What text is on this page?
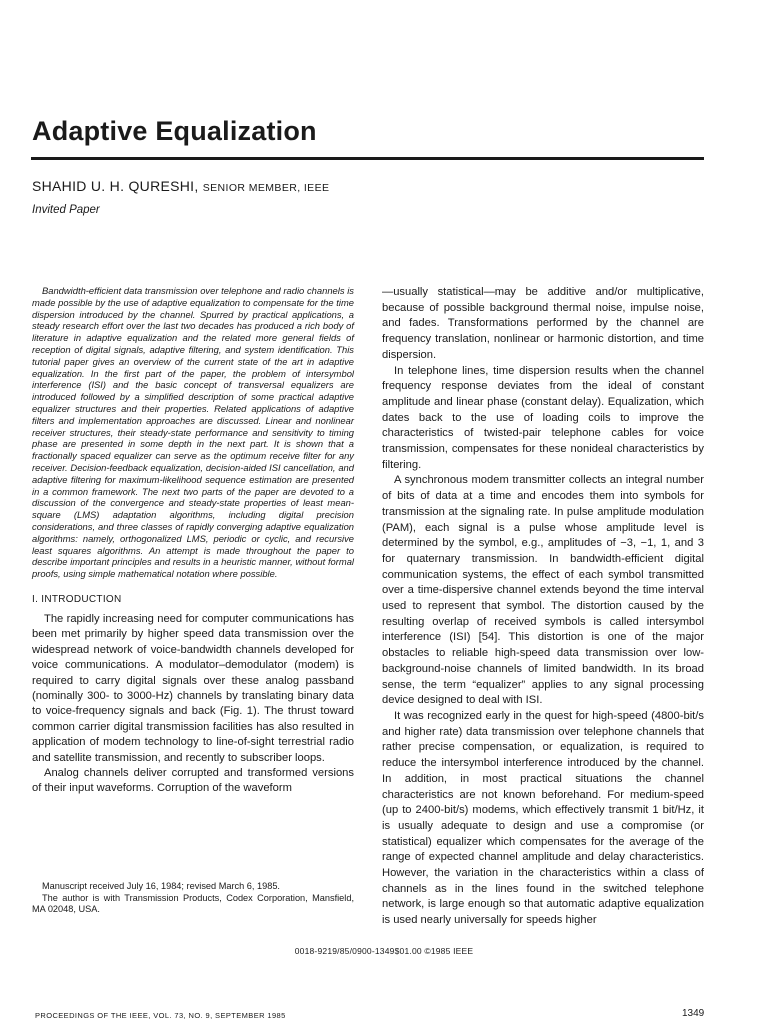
Adaptive Equalization
SHAHID U. H. QURESHI, SENIOR MEMBER, IEEE
Invited Paper

Bandwidth-efficient data transmission over telephone and radio channels is made possible by the use of adaptive equalization to compensate for the time dispersion introduced by the channel. Spurred by practical applications, a steady research effort over the last two decades has produced a rich body of literature in adaptive equalization and the related more general fields of reception of digital signals, adaptive filtering, and system identification. This tutorial paper gives an overview of the current state of the art in adaptive equalization. In the first part of the paper, the problem of intersymbol interference (ISI) and the basic concept of transversal equalizers are introduced followed by a simplified description of some practical adaptive equalizer structures and their properties. Related applications of adaptive filters and implementation approaches are discussed. Linear and nonlinear receiver structures, their steady-state performance and sensitivity to timing phase are presented in some depth in the next part. It is shown that a fractionally spaced equalizer can serve as the optimum receive filter for any receiver. Decision-feedback equalization, decision-aided ISI cancellation, and adaptive filtering for maximum-likelihood sequence estimation are presented in a common framework. The next two parts of the paper are devoted to a discussion of the convergence and steady-state properties of least mean-square (LMS) adaptation algorithms, including digital precision considerations, and three classes of rapidly converging adaptive equalization algorithms: namely, orthogonalized LMS, periodic or cyclic, and recursive least squares algorithms. An attempt is made throughout the paper to describe important principles and results in a heuristic manner, without formal proofs, using simple mathematical notation where possible.

I. INTRODUCTION

The rapidly increasing need for computer communications has been met primarily by higher speed data transmission over the widespread network of voice-bandwidth channels developed for voice communications. A modulator–demodulator (modem) is required to carry digital signals over these analog passband (nominally 300- to 3000-Hz) channels by translating binary data to voice-frequency signals and back (Fig. 1). The thrust toward common carrier digital transmission facilities has also resulted in application of modem technology to line-of-sight terrestrial radio and satellite transmission, and recently to subscriber loops.

Analog channels deliver corrupted and transformed versions of their input waveforms. Corruption of the waveform

Manuscript received July 16, 1984; revised March 6, 1985.

The author is with Transmission Products, Codex Corporation, Mansfield, MA 02048, USA.

—usually statistical—may be additive and/or multiplicative, because of possible background thermal noise, impulse noise, and fades. Transformations performed by the channel are frequency translation, nonlinear or harmonic distortion, and time dispersion.

In telephone lines, time dispersion results when the channel frequency response deviates from the ideal of constant amplitude and linear phase (constant delay). Equalization, which dates back to the use of loading coils to improve the characteristics of twisted-pair telephone cables for voice transmission, compensates for these nonideal characteristics by filtering.

A synchronous modem transmitter collects an integral number of bits of data at a time and encodes them into symbols for transmission at the signaling rate. In pulse amplitude modulation (PAM), each signal is a pulse whose amplitude level is determined by the symbol, e.g., amplitudes of −3, −1, 1, and 3 for quaternary transmission. In bandwidth-efficient digital communication systems, the effect of each symbol transmitted over a time-dispersive channel extends beyond the time interval used to represent that symbol. The distortion caused by the resulting overlap of received symbols is called intersymbol interference (ISI) [54]. This distortion is one of the major obstacles to reliable high-speed data transmission over low-background-noise channels of limited bandwidth. In its broad sense, the term “equalizer” applies to any signal processing device designed to deal with ISI.

It was recognized early in the quest for high-speed (4800-bit/s and higher rate) data transmission over telephone channels that rather precise compensation, or equalization, is required to reduce the intersymbol interference introduced by the channel. In addition, in most practical situations the channel characteristics are not known beforehand. For medium-speed (up to 2400-bit/s) modems, which effectively transmit 1 bit/Hz, it is usually adequate to design and use a compromise (or statistical) equalizer which compensates for the average of the range of expected channel amplitude and delay characteristics. However, the variation in the characteristics within a class of channels as in the lines found in the switched telephone network, is large enough so that automatic adaptive equalization is used nearly universally for speeds higher

0018-9219/85/0900-1349$01.00 ©1985 IEEE
PROCEEDINGS OF THE IEEE, VOL. 73, NO. 9, SEPTEMBER 1985	1349
